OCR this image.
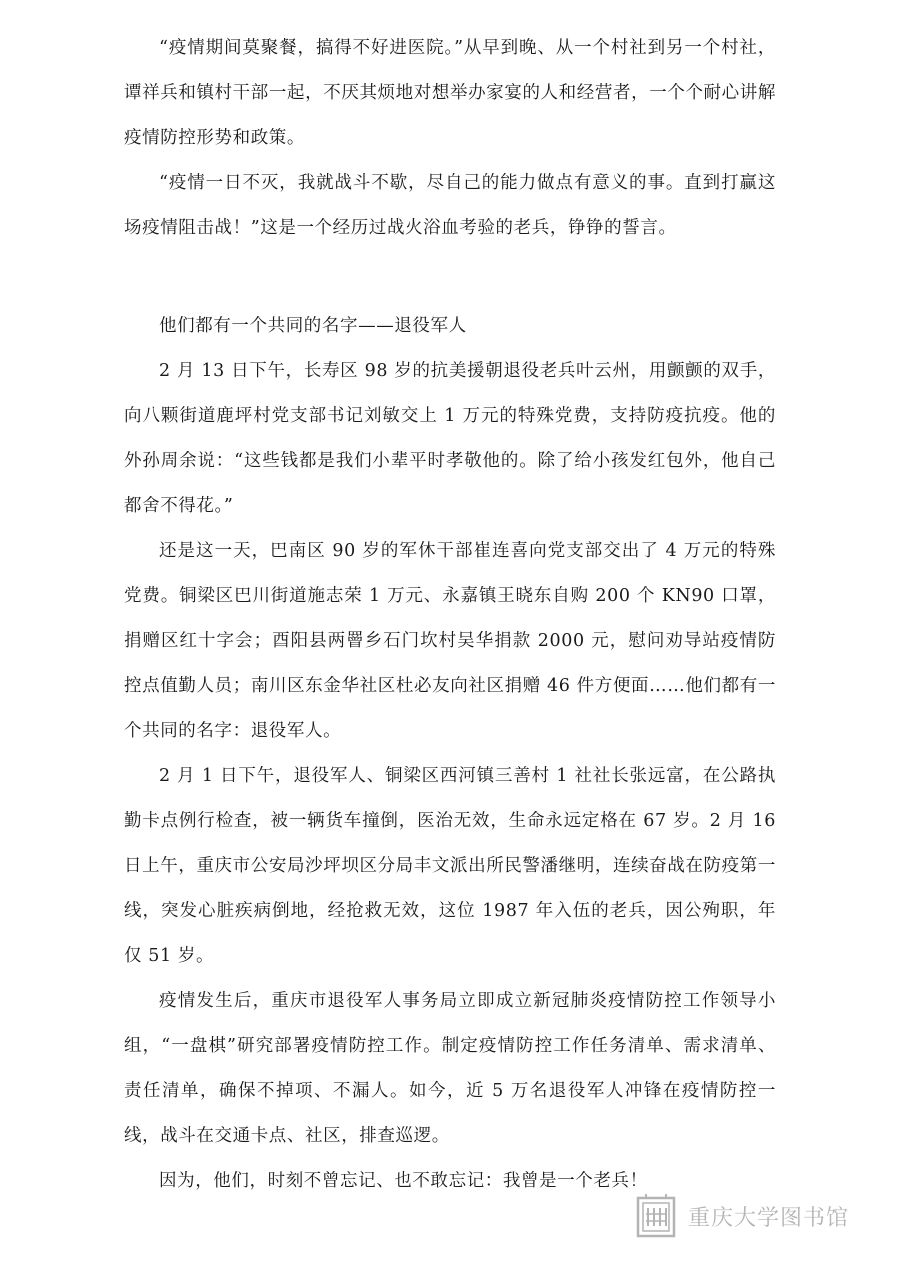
“疫情期间莫聚餐，搞得不好进医院。”从早到晚、从一个村社到另一个村社，谭祥兵和镇村干部一起，不厌其烦地对想举办家宴的人和经营者，一个个耐心讲解疫情防控形势和政策。

“疫情一日不灭，我就战斗不歇，尽自己的能力做点有意义的事。直到打赢这场疫情阻击战！”这是一个经历过战火浴血考验的老兵，铮铮的誓言。

他们都有一个共同的名字——退役军人

2 月 13 日下午，长寿区 98 岁的抗美援朝退役老兵叶云州，用颤颤的双手，向八颗街道鹿坪村党支部书记刘敏交上 1 万元的特殊党费，支持防疫抗疫。他的外孙周余说：“这些钱都是我们小辈平时孝敬他的。除了给小孩发红包外，他自己都舍不得花。”

还是这一天，巴南区 90 岁的军休干部崔连喜向党支部交出了 4 万元的特殊党费。铜梁区巴川街道施志荣 1 万元、永嘉镇王晓东自购 200 个 KN90 口罩，捐赠区红十字会；酉阳县两罾乡石门坎村吴华捐款 2000 元，慰问劝导站疫情防控点值勤人员；南川区东金华社区杜必友向社区捐赠 46 件方便面……他们都有一个共同的名字：退役军人。

2 月 1 日下午，退役军人、铜梁区西河镇三善村 1 社社长张远富，在公路执勤卡点例行检查，被一辆货车撞倒，医治无效，生命永远定格在 67 岁。2 月 16 日上午，重庆市公安局沙坪坝区分局丰文派出所民警潘继明，连续奋战在防疫第一线，突发心脏疾病倒地，经抢救无效，这位 1987 年入伍的老兵，因公殉职，年仅 51 岁。

疫情发生后，重庆市退役军人事务局立即成立新冠肺炎疫情防控工作领导小组，“一盘棋”研究部署疫情防控工作。制定疫情防控工作任务清单、需求清单、责任清单，确保不掉项、不漏人。如今，近 5 万名退役军人冲锋在疫情防控一线，战斗在交通卡点、社区，排查巡逻。

因为，他们，时刻不曾忘记、也不敢忘记：我曾是一个老兵！

重庆大学图书馆
